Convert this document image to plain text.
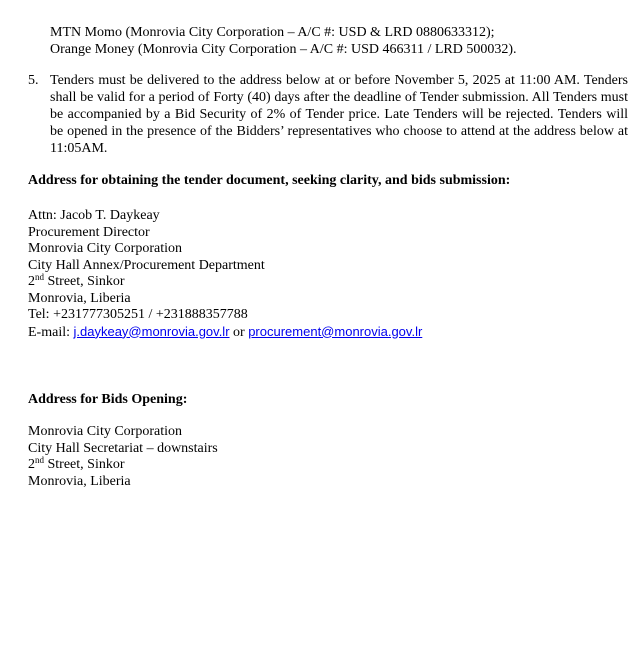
MTN Momo (Monrovia City Corporation – A/C #: USD & LRD 0880633312);
Orange Money (Monrovia City Corporation – A/C #: USD 466311 / LRD 500032).
5. Tenders must be delivered to the address below at or before November 5, 2025 at 11:00 AM. Tenders shall be valid for a period of Forty (40) days after the deadline of Tender submission. All Tenders must be accompanied by a Bid Security of 2% of Tender price. Late Tenders will be rejected. Tenders will be opened in the presence of the Bidders’ representatives who choose to attend at the address below at 11:05AM.
Address for obtaining the tender document, seeking clarity, and bids submission:
Attn: Jacob T. Daykeay
Procurement Director
Monrovia City Corporation
City Hall Annex/Procurement Department
2nd Street, Sinkor
Monrovia, Liberia
Tel: +231777305251 / +231888357788
E-mail: j.daykeay@monrovia.gov.lr or procurement@monrovia.gov.lr
Address for Bids Opening:
Monrovia City Corporation
City Hall Secretariat – downstairs
2nd Street, Sinkor
Monrovia, Liberia
